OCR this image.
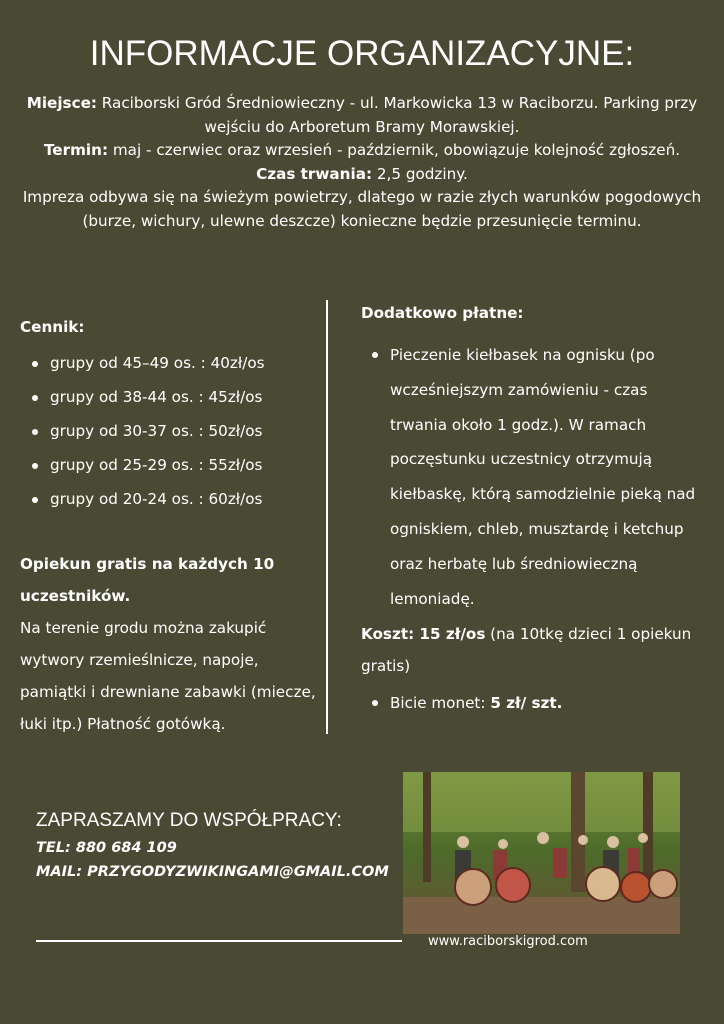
INFORMACJE ORGANIZACYJNE:

Miejsce: Raciborski Gród Średniowieczny - ul. Markowicka 13 w Raciborzu. Parking przy wejściu do Arboretum Bramy Morawskiej.

Termin: maj - czerwiec oraz wrzesień - październik, obowiązuje kolejność zgłoszeń.

Czas trwania: 2,5 godziny.

Impreza odbywa się na świeżym powietrzy, dlatego w razie złych warunków pogodowych (burze, wichury, ulewne deszcze) konieczne będzie przesunięcie terminu.

Cennik:

grupy od 45–49 os. : 40zł/os
grupy od 38-44 os. : 45zł/os
grupy od 30-37 os. : 50zł/os
grupy od 25-29 os. : 55zł/os
grupy od 20-24 os. : 60zł/os

Opiekun gratis na każdych 10 uczestników.

Na terenie grodu można zakupić wytwory rzemieślnicze, napoje, pamiątki i drewniane zabawki (miecze, łuki itp.) Płatność gotówką.

Dodatkowo płatne:

Pieczenie kiełbasek na ognisku (po wcześniejszym zamówieniu - czas trwania około 1 godz.). W ramach poczęstunku uczestnicy otrzymują kiełbaskę, którą samodzielnie pieką nad ogniskiem, chleb, musztardę i ketchup oraz herbatę lub średniowieczną lemoniadę.

Koszt: 15 zł/os (na 10tkę dzieci 1 opiekun gratis)

Bicie monet: 5 zł/ szt.
ZAPRASZAMY DO WSPÓŁPRACY:

TEL: 880 684 109

MAIL: PRZYGODYZWIKINGAMI@GMAIL.COM

www.raciborskigrod.com
